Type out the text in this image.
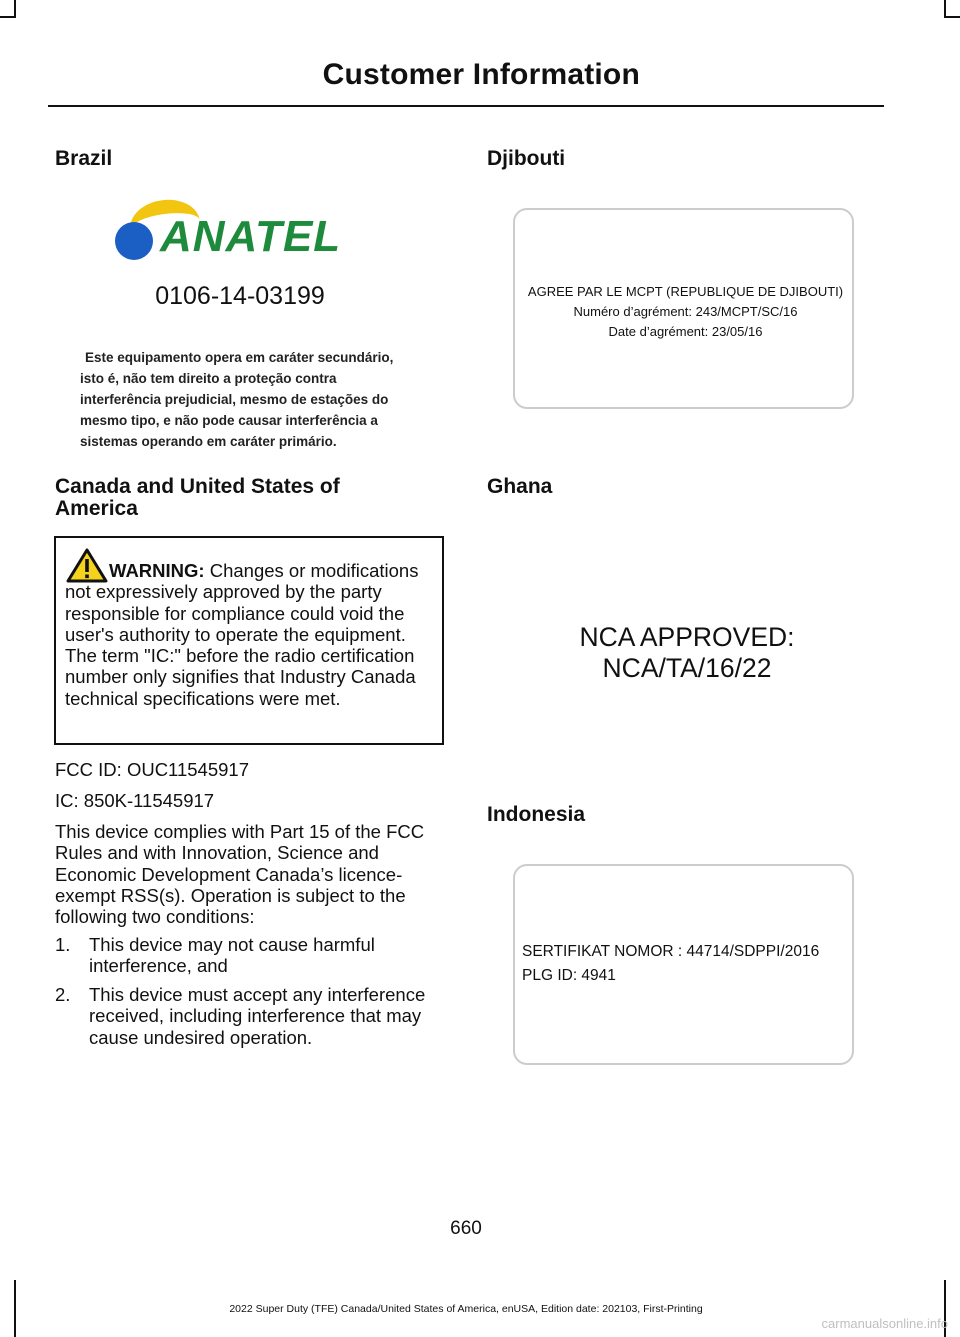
Customer Information
Brazil
ANATEL
0106-14-03199
Este equipamento opera em caráter secundário,
isto é, não tem direito a proteção contra
interferência prejudicial, mesmo de estações do
mesmo tipo, e não pode causar interferência a
sistemas operando em caráter primário.
Canada and United States of
America
WARNING: Changes or modifications not expressively approved by the party responsible for compliance could void the user's authority to operate the equipment. The term "IC:" before the radio certification number only signifies that Industry Canada technical specifications were met.
FCC ID: OUC11545917
IC: 850K-11545917
This device complies with Part 15 of the FCC Rules and with Innovation, Science and Economic Development Canada’s licence-exempt RSS(s). Operation is subject to the following two conditions:
1. This device may not cause harmful interference, and
2. This device must accept any interference received, including interference that may cause undesired operation.
Djibouti
AGREE PAR LE MCPT (REPUBLIQUE DE DJIBOUTI)
Numéro d’agrément: 243/MCPT/SC/16
Date d’agrément: 23/05/16
Ghana
NCA APPROVED: NCA/TA/16/22
Indonesia
SERTIFIKAT NOMOR : 44714/SDPPI/2016
PLG ID: 4941
660
2022 Super Duty (TFE) Canada/United States of America, enUSA, Edition date: 202103, First-Printing
carmanualsonline.info
